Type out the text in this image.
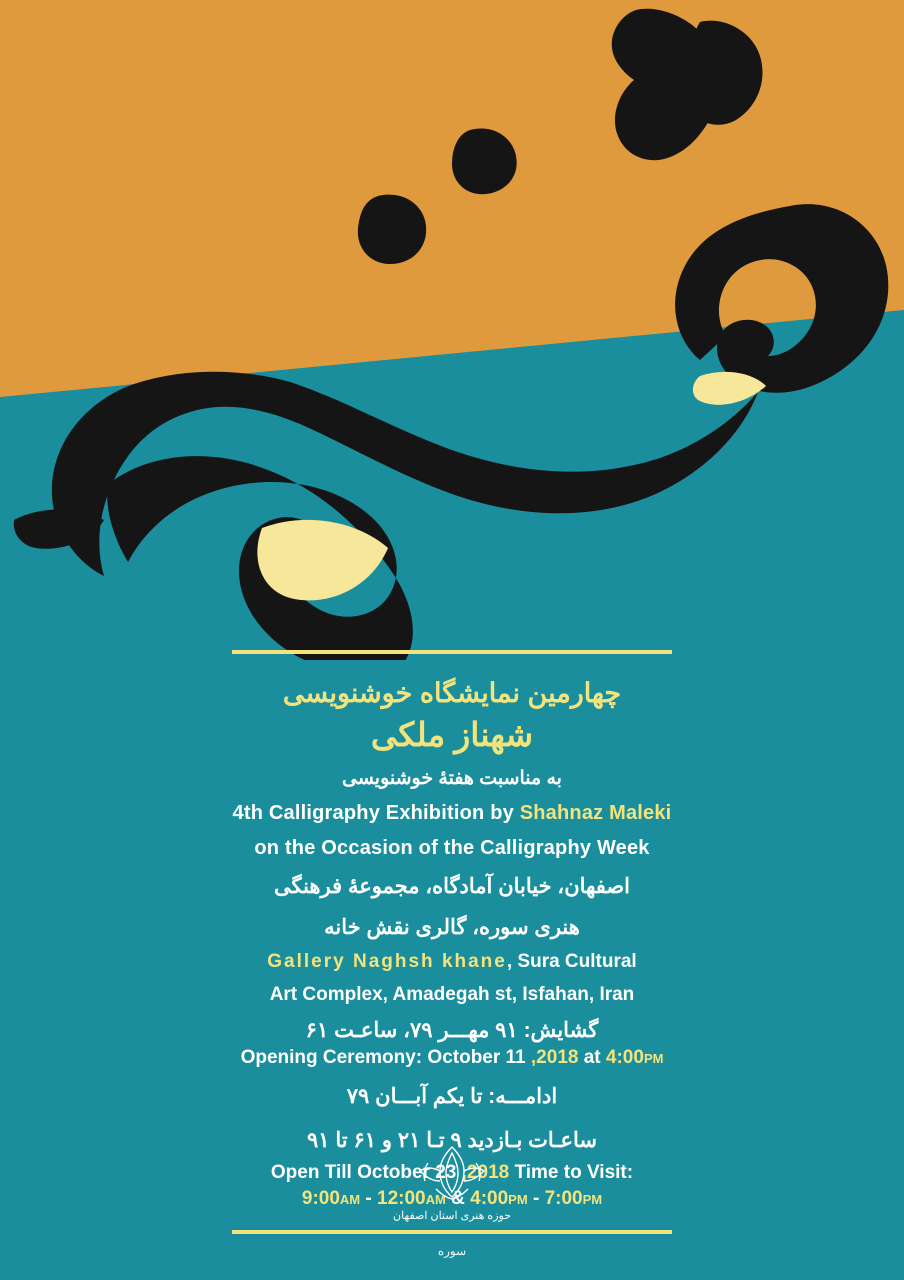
چهارمین نمایشگاه خوشنویسی
شهناز ملکی
به مناسبت هفتهٔ خوشنویسی
4th Calligraphy Exhibition by Shahnaz Maleki
on the Occasion of the Calligraphy Week
اصفهان، خیابان آمادگاه، مجموعهٔ فرهنگی
هنری سوره، گالری نقش خانه
Gallery Naghsh khane, Sura Cultural
Art Complex, Amadegah st, Isfahan, Iran
گشایش: ۱۹ مهـــر ۹۷، ساعـت ۱۶
Opening Ceremony: October 11 ,2018 at 4:00PM
ادامـــه: تا یکم آبـــان ۹۷
ساعـات بـازدید ۹ تـا ۱۲ و ۱۶ تا ۱۹
Open Till October 23 ,2018 Time to Visit:
9:00AM - 12:00AM & 4:00PM - 7:00PM
حوزه هنری استان اصفهان
سوره
